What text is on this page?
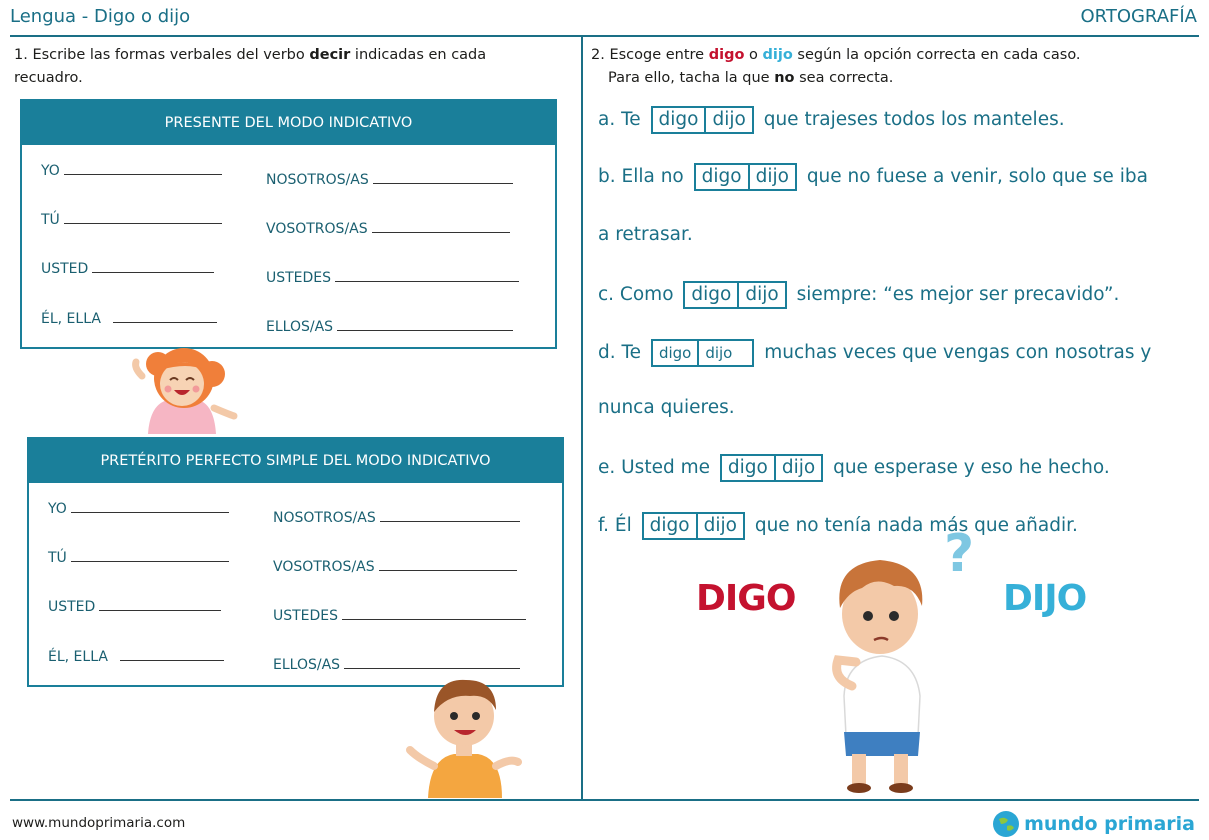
Lengua - Digo o dijo	ORTOGRAFÍA
1. Escribe las formas verbales del verbo decir indicadas en cada
recuadro.
PRESENTE DEL MODO INDICATIVO
YO
TÚ
USTED
ÉL, ELLA
NOSOTROS/AS
VOSOTROS/AS
USTEDES
ELLOS/AS
PRETÉRITO PERFECTO SIMPLE DEL MODO INDICATIVO
YO
TÚ
USTED
ÉL, ELLA
NOSOTROS/AS
VOSOTROS/AS
USTEDES
ELLOS/AS
2. Escoge entre digo o dijo según la opción correcta en cada caso.
Para ello, tacha la que no sea correcta.
a. Te digo dijo que trajeses todos los manteles.
b. Ella no digo dijo que no fuese a venir, solo que se iba
a retrasar.
c. Como digo dijo siempre: “es mejor ser precavido”.
d. Te	digo dijo	muchas veces que vengas con nosotras y
nunca quieres.
e. Usted me digo dijo que esperase y eso he hecho.
f. Él digo dijo que no tenía nada más que añadir.
DIGO	DIJO
?
www.mundoprimaria.com	mundo primaria
